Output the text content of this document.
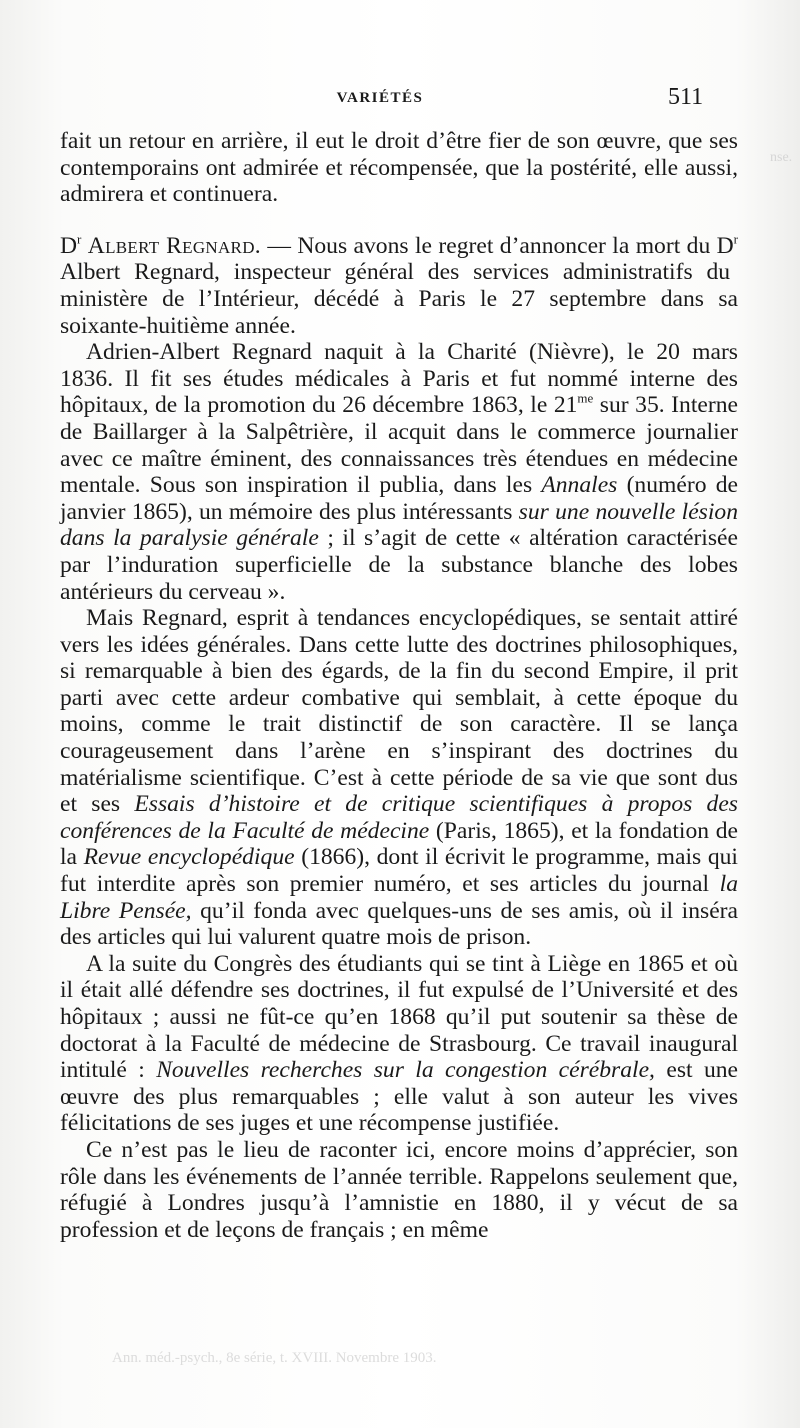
VARIÉTÉS	511

fait un retour en arrière, il eut le droit d’être fier de son œuvre, que ses contemporains ont admirée et récompensée, que la postérité, elle aussi, admirera et continuera.

$D^r$ Albert Regnard. — Nous avons le regret d’annoncer la mort du $D^r$ Albert Regnard, inspecteur général des services administratifs du ministère de l’Intérieur, décédé à Paris le 27 septembre dans sa soixante-huitième année.

Adrien-Albert Regnard naquit à la Charité (Nièvre), le 20 mars 1836. Il fit ses études médicales à Paris et fut nommé interne des hôpitaux, de la promotion du 26 décembre 1863, le $21^{me}$ sur 35. Interne de Baillarger à la Salpêtrière, il acquit dans le commerce journalier avec ce maître éminent, des connaissances très étendues en médecine mentale. Sous son inspiration il publia, dans les Annales (numéro de janvier 1865), un mémoire des plus intéressants sur une nouvelle lésion dans la paralysie générale ; il s’agit de cette « altération caractérisée par l’induration superficielle de la substance blanche des lobes antérieurs du cerveau ».

Mais Regnard, esprit à tendances encyclopédiques, se sentait attiré vers les idées générales. Dans cette lutte des doctrines philosophiques, si remarquable à bien des égards, de la fin du second Empire, il prit parti avec cette ardeur combative qui semblait, à cette époque du moins, comme le trait distinctif de son caractère. Il se lança courageusement dans l’arène en s’inspirant des doctrines du matérialisme scientifique. C’est à cette période de sa vie que sont dus et ses Essais d’histoire et de critique scientifiques à propos des conférences de la Faculté de médecine (Paris, 1865), et la fondation de la Revue encyclopédique (1866), dont il écrivit le programme, mais qui fut interdite après son premier numéro, et ses articles du journal la Libre Pensée, qu’il fonda avec quelques-uns de ses amis, où il inséra des articles qui lui valurent quatre mois de prison.

A la suite du Congrès des étudiants qui se tint à Liège en 1865 et où il était allé défendre ses doctrines, il fut expulsé de l’Université et des hôpitaux ; aussi ne fût-ce qu’en 1868 qu’il put soutenir sa thèse de doctorat à la Faculté de médecine de Strasbourg. Ce travail inaugural intitulé : Nouvelles recherches sur la congestion cérébrale, est une œuvre des plus remarquables ; elle valut à son auteur les vives félicitations de ses juges et une récompense justifiée.

Ce n’est pas le lieu de raconter ici, encore moins d’apprécier, son rôle dans les événements de l’année terrible. Rappelons seulement que, réfugié à Londres jusqu’à l’amnistie en 1880, il y vécut de sa profession et de leçons de français ; en même

Ann. méd.-psych., 8e série, t. XVIII. Novembre 1903.
nse.
